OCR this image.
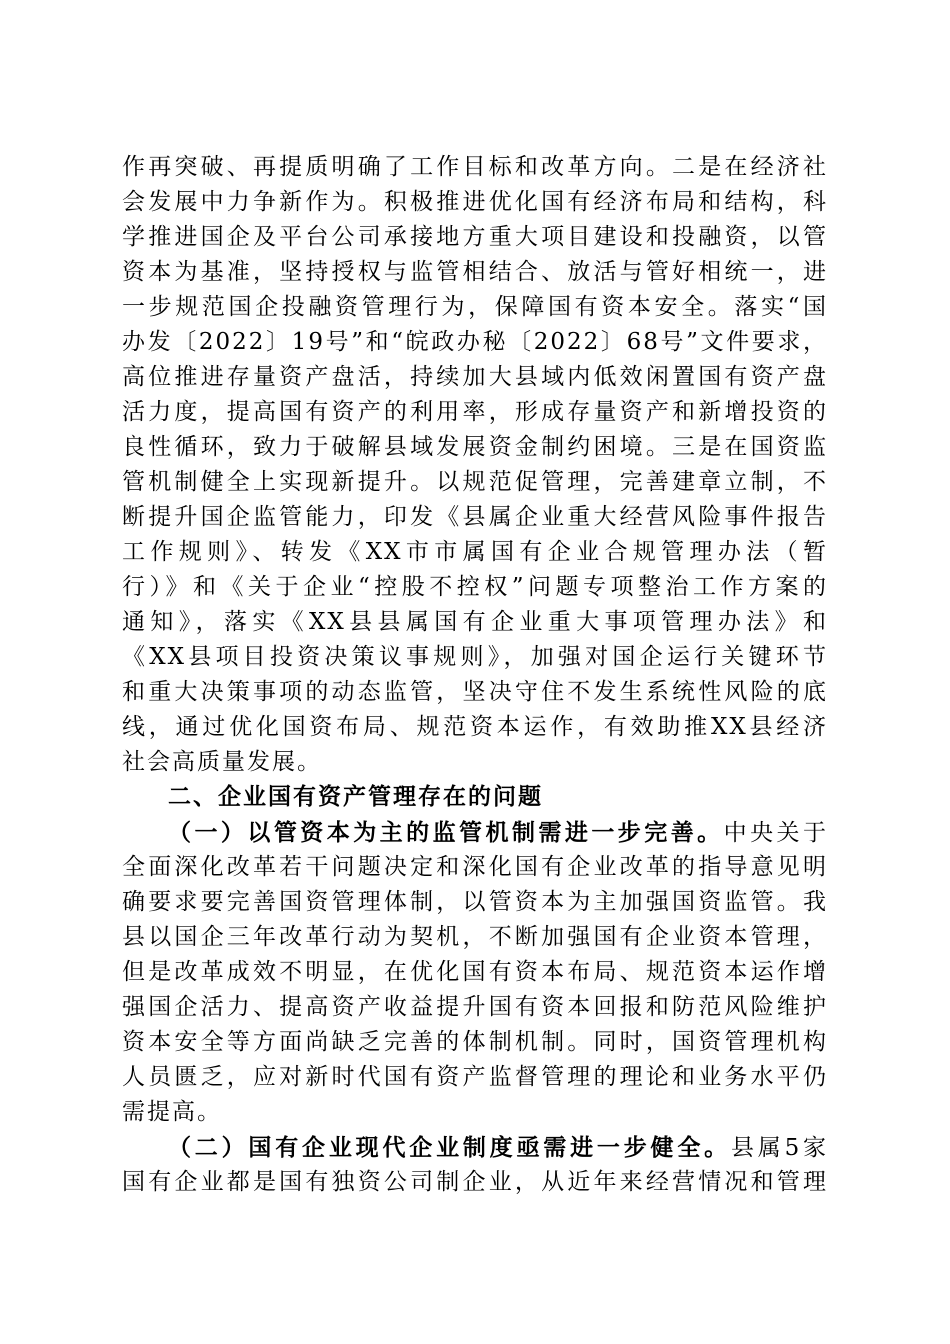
作再突破、再提质明确了工作目标和改革方向。二是在经济社
会发展中力争新作为。积极推进优化国有经济布局和结构，科
学推进国企及平台公司承接地方重大项目建设和投融资，以管
资本为基准，坚持授权与监管相结合、放活与管好相统一，进
一步规范国企投融资管理行为，保障国有资本安全。落实“国
办发〔2022〕19号”和“皖政办秘〔2022〕68号”文件要求，
高位推进存量资产盘活，持续加大县域内低效闲置国有资产盘
活力度，提高国有资产的利用率，形成存量资产和新增投资的
良性循环，致力于破解县域发展资金制约困境。三是在国资监
管机制健全上实现新提升。以规范促管理，完善建章立制，不
断提升国企监管能力，印发《县属企业重大经营风险事件报告
工作规则》、转发《XX市市属国有企业合规管理办法（暂
行）》和《关于企业“控股不控权”问题专项整治工作方案的
通知》，落实《XX县县属国有企业重大事项管理办法》和
《XX县项目投资决策议事规则》，加强对国企运行关键环节
和重大决策事项的动态监管，坚决守住不发生系统性风险的底
线，通过优化国资布局、规范资本运作，有效助推XX县经济
社会高质量发展。
二、企业国有资产管理存在的问题
（一）以管资本为主的监管机制需进一步完善。中央关于
全面深化改革若干问题决定和深化国有企业改革的指导意见明
确要求要完善国资管理体制，以管资本为主加强国资监管。我
县以国企三年改革行动为契机，不断加强国有企业资本管理，
但是改革成效不明显，在优化国有资本布局、规范资本运作增
强国企活力、提高资产收益提升国有资本回报和防范风险维护
资本安全等方面尚缺乏完善的体制机制。同时，国资管理机构
人员匮乏，应对新时代国有资产监督管理的理论和业务水平仍
需提高。
（二）国有企业现代企业制度亟需进一步健全。县属5家
国有企业都是国有独资公司制企业，从近年来经营情况和管理
